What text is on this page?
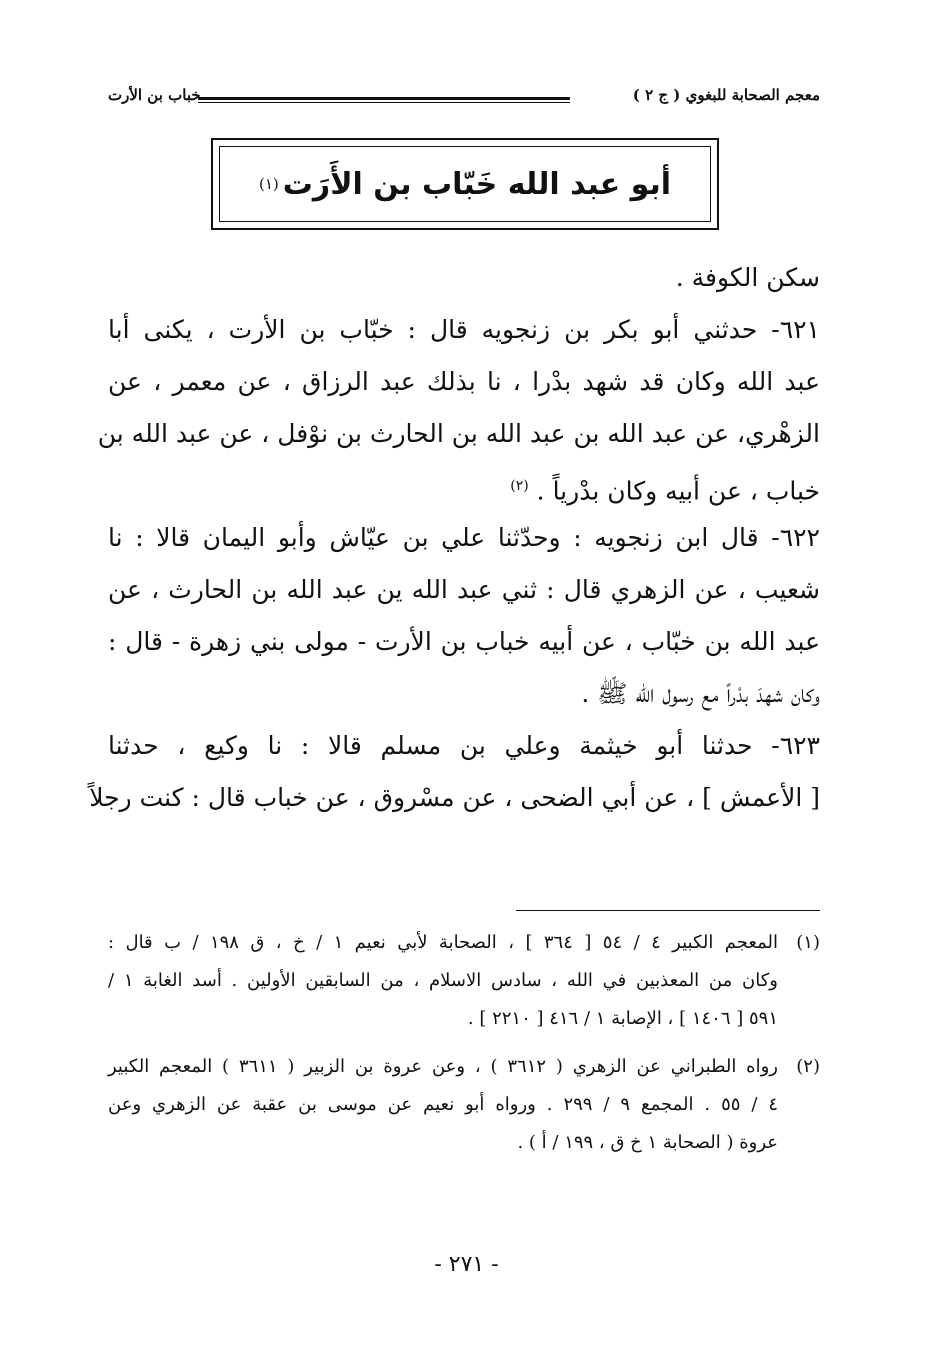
معجم الصحابة للبغوي ( ج ٢ )
خباب بن الأرت
أبو عبد الله خَبّاب بن الأَرَت
(١)
سكن الكوفة .
٦٢١- حدثني أبو بكر بن زنجويه قال : خبّاب بن الأرت ، يكنى أبا
عبد الله وكان قد شهد بدْرا ، نا بذلك عبد الرزاق ، عن معمر ، عن
الزهْري، عن عبد الله بن عبد الله بن الحارث بن نوْفل ، عن عبد الله بن
خباب ، عن أبيه وكان بدْرياً . $^{(٢)}$
٦٢٢- قال ابن زنجويه : وحدّثنا علي بن عيّاش وأبو اليمان قالا : نا
شعيب ، عن الزهري قال : ثني عبد الله ين عبد الله بن الحارث ، عن
عبد الله بن خبّاب ، عن أبيه خباب بن الأرت - مولى بني زهرة - قال :
وكان شهدَ بدْراً مع رسول الله ﷺ .
٦٢٣- حدثنا أبو خيثمة وعلي بن مسلم قالا : نا وكيع ، حدثنا
[ الأعمش ] ، عن أبي الضحى ، عن مسْروق ، عن خباب قال : كنت رجلاً
(١)
المعجم الكبير ٤ / ٥٤ [ ٣٦٤ ] ، الصحابة لأبي نعيم ١ / خ ، ق ١٩٨ / ب قال :
وكان من المعذبين في الله ، سادس الاسلام ، من السابقين الأولين . أسد الغابة ١ /
٥٩١ [ ١٤٠٦ ] ، الإصابة ١ / ٤١٦ [ ٢٢١٠ ] .
(٢)
رواه الطبراني عن الزهري ( ٣٦١٢ ) ، وعن عروة بن الزبير ( ٣٦١١ ) المعجم الكبير
٤ / ٥٥ . المجمع ٩ / ٢٩٩ . ورواه أبو نعيم عن موسى بن عقبة عن الزهري وعن
عروة ( الصحابة ١ خ ق ، ١٩٩ / أ ) .
- ٢٧١ -
